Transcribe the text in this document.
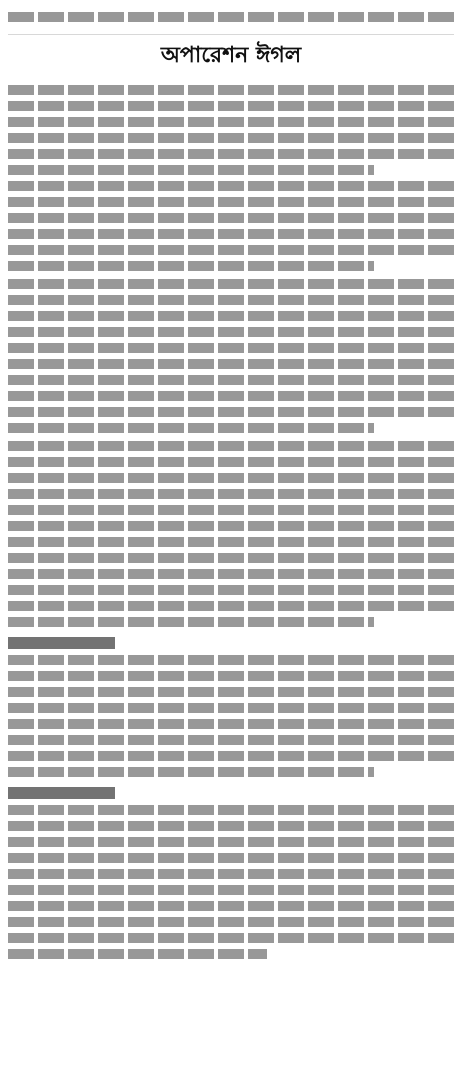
অপারেশন ঈগল
